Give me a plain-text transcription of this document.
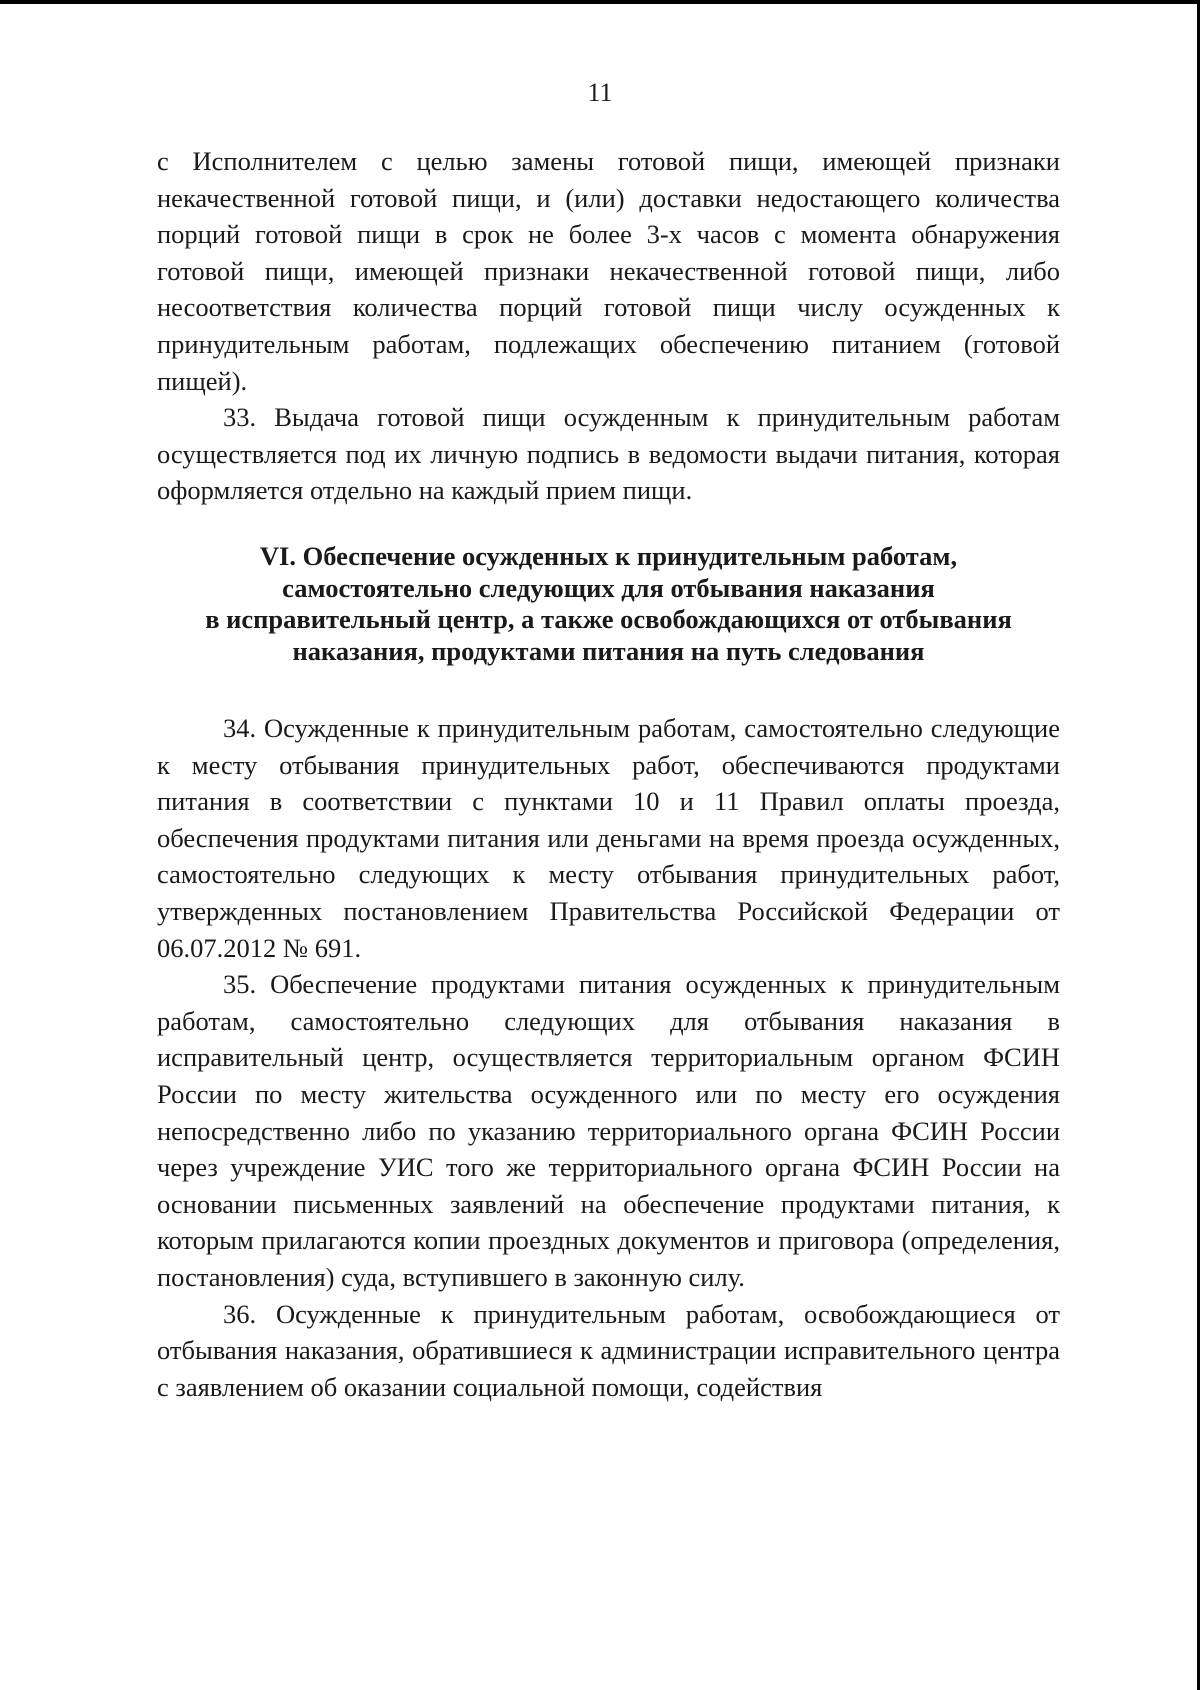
11

с Исполнителем с целью замены готовой пищи, имеющей признаки некачественной готовой пищи, и (или) доставки недостающего количества порций готовой пищи в срок не более 3-х часов с момента обнаружения готовой пищи, имеющей признаки некачественной готовой пищи, либо несоответствия количества порций готовой пищи числу осужденных к принудительным работам, подлежащих обеспечению питанием (готовой пищей).

33. Выдача готовой пищи осужденным к принудительным работам осуществляется под их личную подпись в ведомости выдачи питания, которая оформляется отдельно на каждый прием пищи.

VI. Обеспечение осужденных к принудительным работам,
самостоятельно следующих для отбывания наказания
в исправительный центр, а также освобождающихся от отбывания
наказания, продуктами питания на путь следования

34. Осужденные к принудительным работам, самостоятельно следующие к месту отбывания принудительных работ, обеспечиваются продуктами питания в соответствии с пунктами 10 и 11 Правил оплаты проезда, обеспечения продуктами питания или деньгами на время проезда осужденных, самостоятельно следующих к месту отбывания принудительных работ, утвержденных постановлением Правительства Российской Федерации от 06.07.2012 № 691.

35. Обеспечение продуктами питания осужденных к принудительным работам, самостоятельно следующих для отбывания наказания в исправительный центр, осуществляется территориальным органом ФСИН России по месту жительства осужденного или по месту его осуждения непосредственно либо по указанию территориального органа ФСИН России через учреждение УИС того же территориального органа ФСИН России на основании письменных заявлений на обеспечение продуктами питания, к которым прилагаются копии проездных документов и приговора (определения, постановления) суда, вступившего в законную силу.

36. Осужденные к принудительным работам, освобождающиеся от отбывания наказания, обратившиеся к администрации исправительного центра с заявлением об оказании социальной помощи, содействия
